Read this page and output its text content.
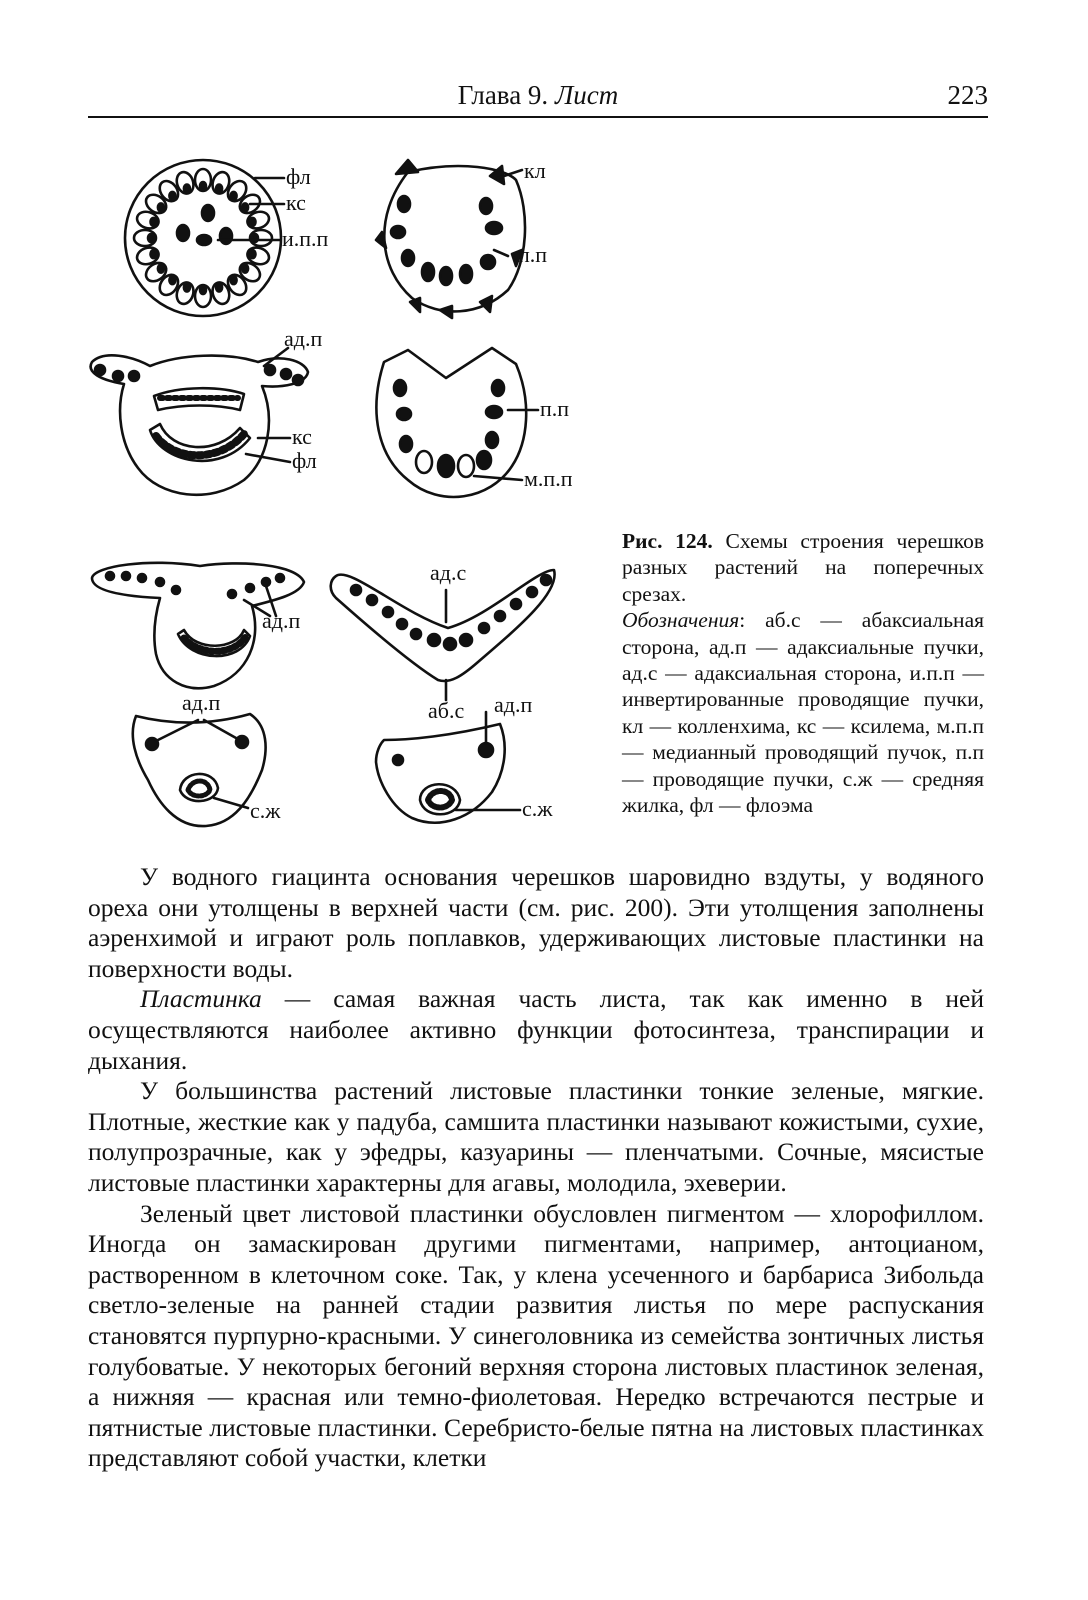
Глава 9. Лист	223
фл
кс
и.п.п
кл
п.п
ад.п
кс
фл
п.п
м.п.п
ад.с
ад.п
ад.п	аб.с ад.п
с.ж	с.ж
Рис. 124. Схемы строения черешков разных растений на поперечных срезах.
Обозначения: аб.с — абаксиальная сторона, ад.п — адаксиальные пучки, ад.с — адаксиальная сторона, и.п.п — инвертированные проводящие пучки, кл — колленхима, кс — ксилема, м.п.п — медианный проводящий пучок, п.п — проводящие пучки, с.ж — средняя жилка, фл — флоэма

У водного гиацинта основания черешков шаровидно вздуты, у водяного ореха они утолщены в верхней части (см. рис. 200). Эти утолщения заполнены аэренхимой и играют роль поплавков, удерживающих листовые пластинки на поверхности воды.

Пластинка — самая важная часть листа, так как именно в ней осуществляются наиболее активно функции фотосинтеза, транспирации и дыхания.

У большинства растений листовые пластинки тонкие зеленые, мягкие. Плотные, жесткие как у падуба, самшита пластинки называют кожистыми, сухие, полупрозрачные, как у эфедры, казуарины — пленчатыми. Сочные, мясистые листовые пластинки характерны для агавы, молодила, эхеверии.

Зеленый цвет листовой пластинки обусловлен пигментом — хлорофиллом. Иногда он замаскирован другими пигментами, например, антоцианом, растворенном в клеточном соке. Так, у клена усеченного и барбариса Зибольда светло-зеленые на ранней стадии развития листья по мере распускания становятся пурпурно-красными. У синеголовника из семейства зонтичных листья голубоватые. У некоторых бегоний верхняя сторона листовых пластинок зеленая, а нижняя — красная или темно-фиолетовая. Нередко встречаются пестрые и пятнистые листовые пластинки. Серебристо-белые пятна на листовых пластинках представляют собой участки, клетки
